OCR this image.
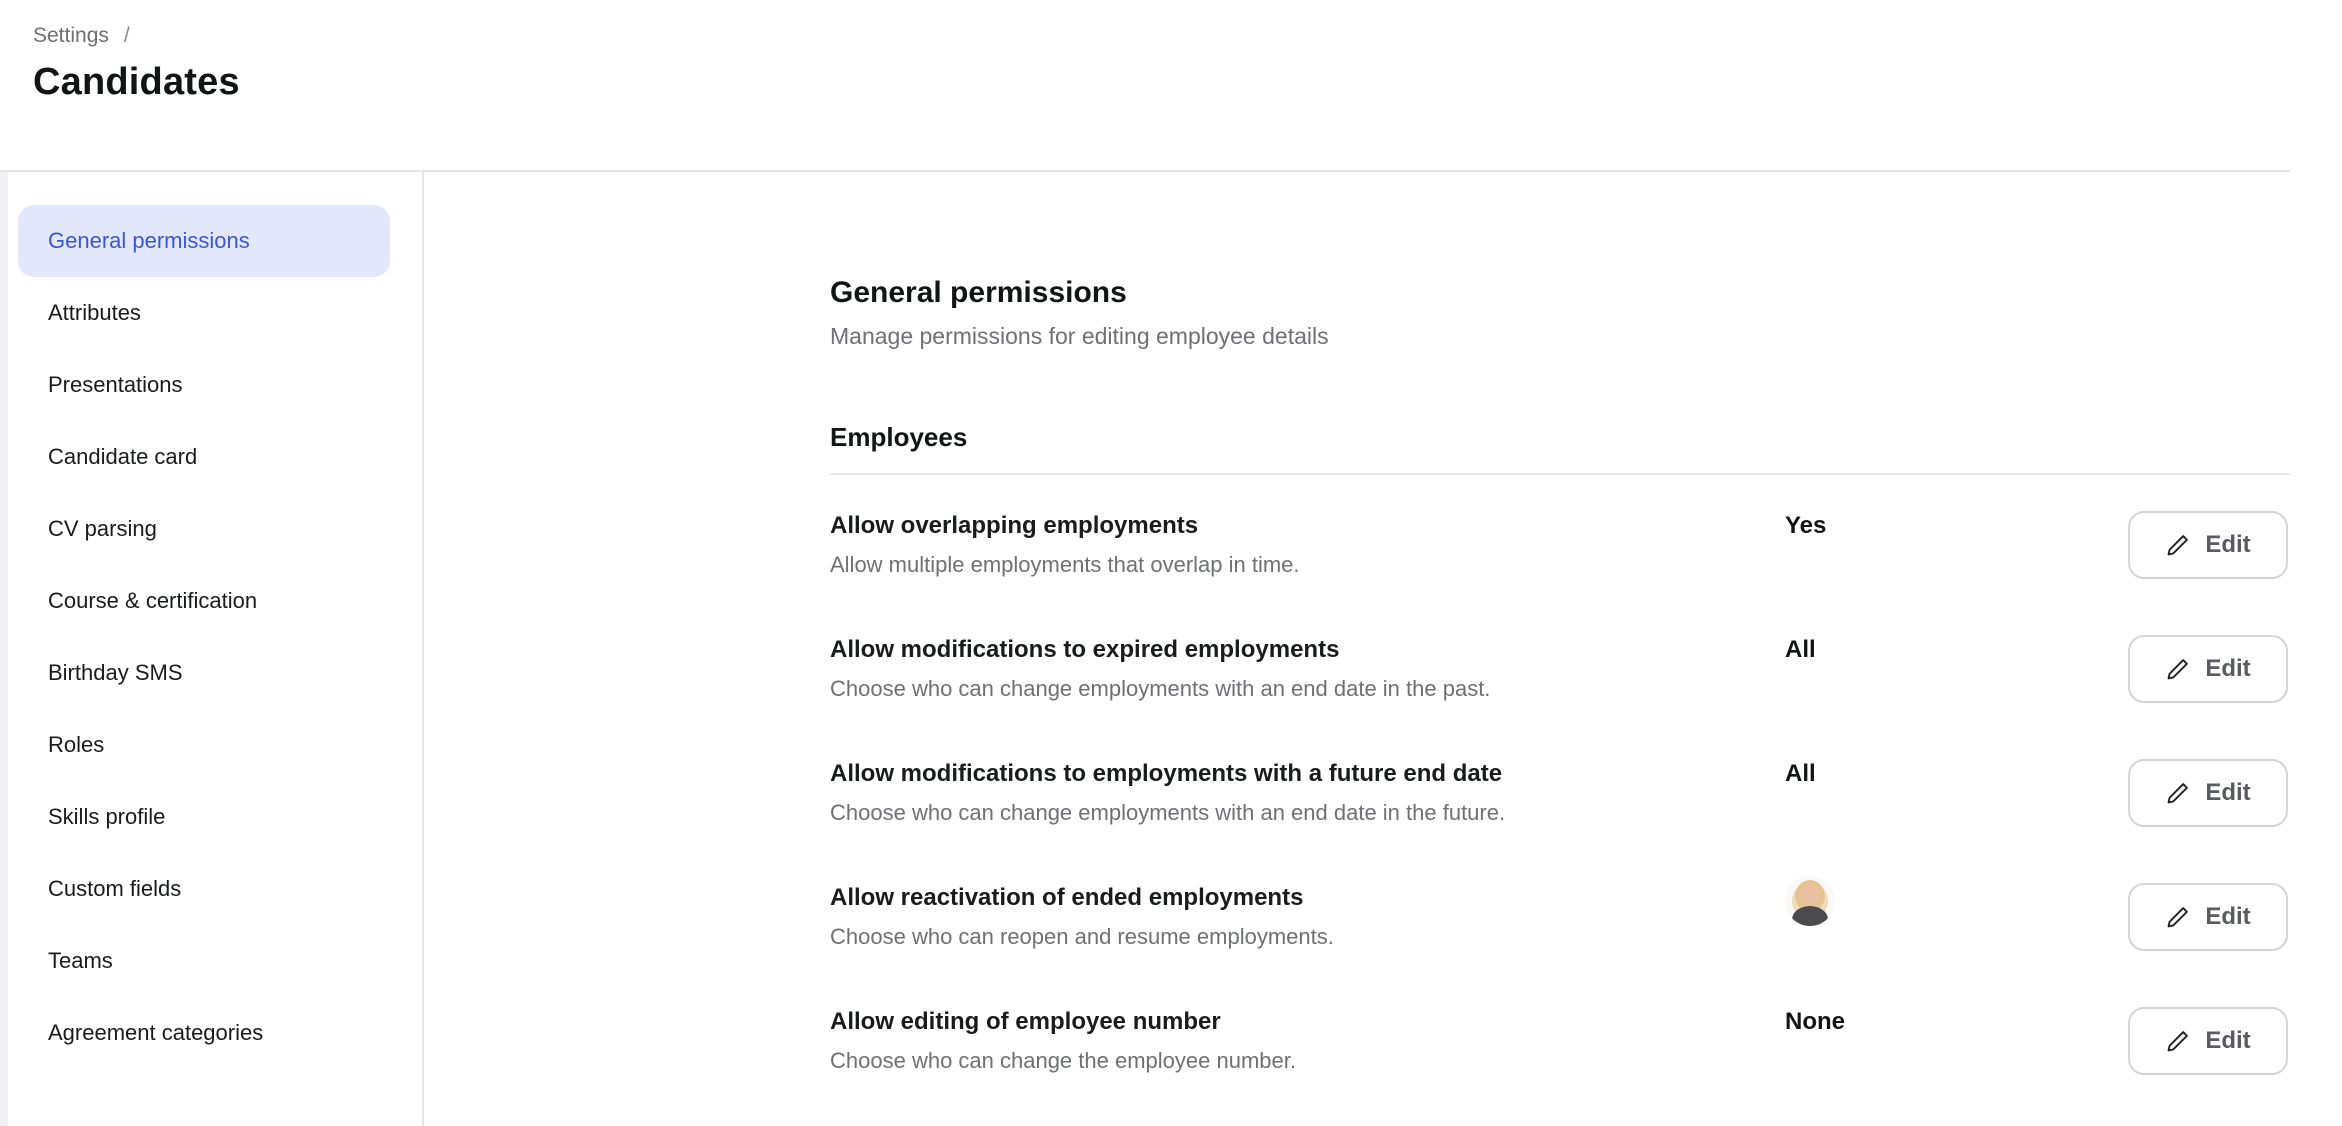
Settings /
Candidates
General permissions
Attributes
Presentations
Candidate card
CV parsing
Course & certification
Birthday SMS
Roles
Skills profile
Custom fields
Teams
Agreement categories
General permissions

Manage permissions for editing employee details

Employees
Allow overlapping employments
Allow multiple employments that overlap in time.
Yes
Edit
Allow modifications to expired employments
Choose who can change employments with an end date in the past.
All
Edit
Allow modifications to employments with a future end date
Choose who can change employments with an end date in the future.
All
Edit
Allow reactivation of ended employments
Choose who can reopen and resume employments.
Edit
Allow editing of employee number
Choose who can change the employee number.
None
Edit
